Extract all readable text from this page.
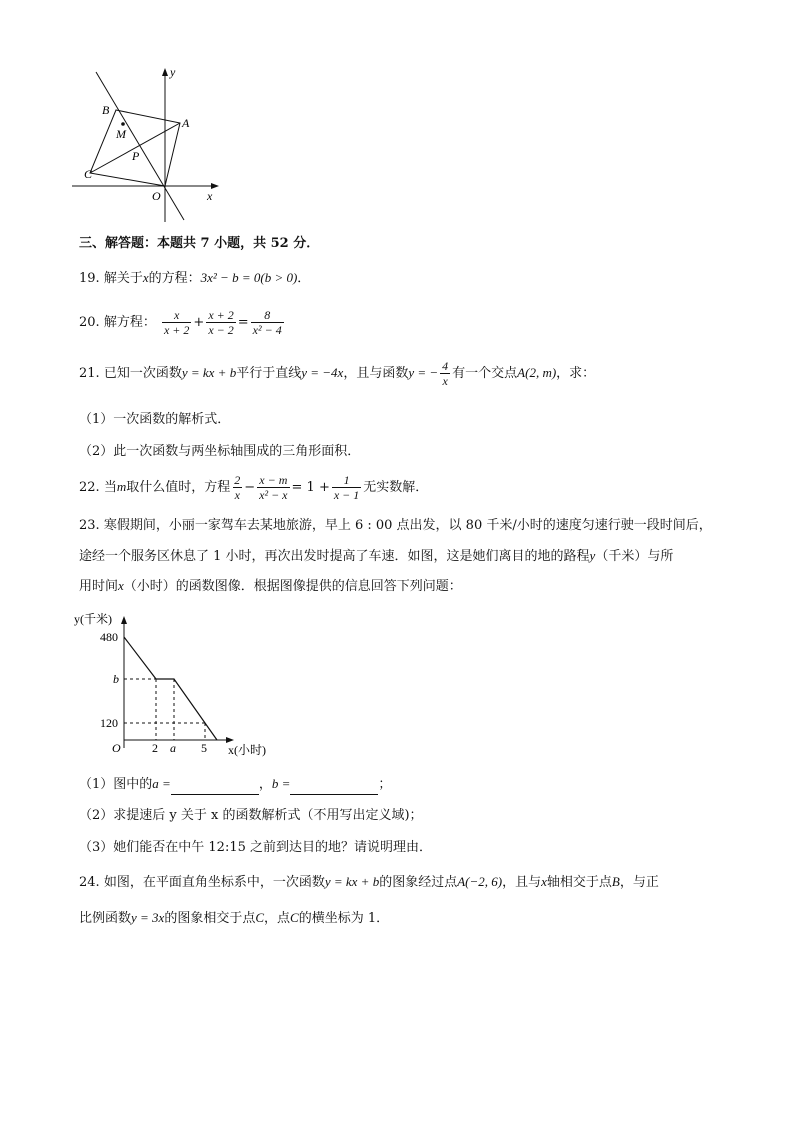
y
x
A
B
C
M
P
O
三、解答题：本题共 7 小题，共 52 分．
19. 解关于x的方程：3x² − b = 0(b > 0)．
20. 解方程： $\frac{x}{x + 2} + \frac{x + 2}{x - 2} = \frac{8}{\text{x² − 4}}$
21. 已知一次函数y = kx + b平行于直线y = −4x，且与函数y = − $\frac{4}{x}$ 有一个交点A(2, m)，求：
（1）一次函数的解析式．
（2）此一次函数与两坐标轴围成的三角形面积．
22. 当m取什么值时，方程 $\frac{2}{x} - \frac{x - m}{\text{x² − x}} = 1 + \frac{1}{x - 1}$ 无实数解．
23. 寒假期间，小丽一家驾车去某地旅游，早上 6 : 00 点出发，以 80 千米/小时的速度匀速行驶一段时间后，
途经一个服务区休息了 1 小时，再次出发时提高了车速．如图，这是她们离目的地的路程y（千米）与所
用时间x（小时）的函数图像．根据图像提供的信息回答下列问题：
y(千米)
x(小时)
480
b
120
O	2 a 5
（1）图中的a =	，b =	；
（2）求提速后 y 关于 x 的函数解析式（不用写出定义域)；
（3）她们能否在中午 12:15 之前到达目的地？请说明理由．
24. 如图，在平面直角坐标系中，一次函数y = kx + b的图象经过点A(−2, 6)，且与x轴相交于点B，与正
比例函数y = 3x的图象相交于点C，点C的横坐标为 1．
